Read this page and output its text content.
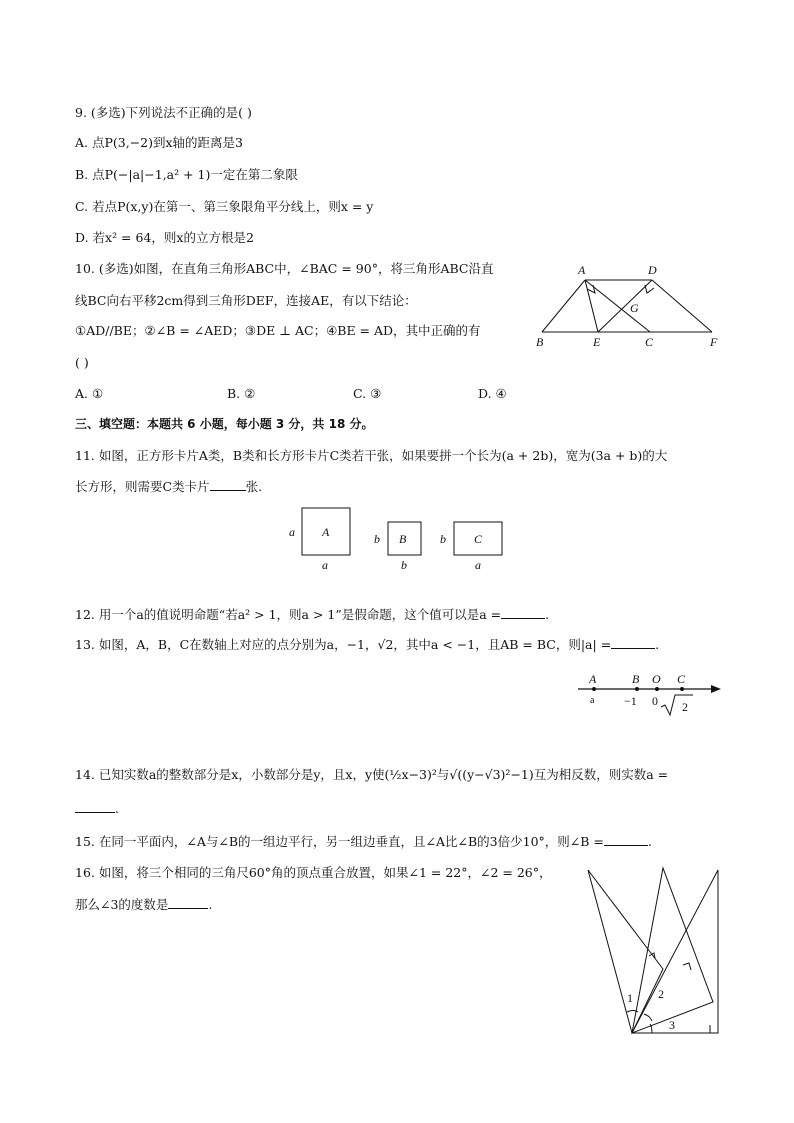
9. (多选)下列说法不正确的是( )
A. 点P(3,−2)到x轴的距离是3
B. 点P(−|a|−1,a² + 1)一定在第二象限
C. 若点P(x,y)在第一、第三象限角平分线上，则x = y
D. 若x² = 64，则x的立方根是2
10. (多选)如图，在直角三角形ABC中，∠BAC = 90°，将三角形ABC沿直
线BC向右平移2cm得到三角形DEF，连接AE，有以下结论：
①AD//BE；②∠B = ∠AED；③DE ⊥ AC；④BE = AD，其中正确的有
( )
A. ①	B. ②	C. ③	D. ④
A	D
G
B	E	C	F
三、填空题：本题共 6 小题，每小题 3 分，共 18 分。
11. 如图，正方形卡片A类，B类和长方形卡片C类若干张，如果要拼一个长为(a + 2b)，宽为(3a + b)的大
长方形，则需要C类卡片	张.
A
a
a
B
b
b
C
b
a
12. 用一个a的值说明命题“若a² > 1，则a > 1”是假命题，这个值可以是a =	.
13. 如图，A，B，C在数轴上对应的点分别为a，−1，√2，其中a < −1，且AB = BC，则|a| =	.
A	B O C
a −1 0 2
14. 已知实数a的整数部分是x，小数部分是y，且x，y使(½x−3)²与√((y−√3)²−1)互为相反数，则实数a =
.
15. 在同一平面内，∠A与∠B的一组边平行，另一组边垂直，且∠A比∠B的3倍少10°，则∠B =	.
16. 如图，将三个相同的三角尺60°角的顶点重合放置，如果∠1 = 22°，∠2 = 26°，
那么∠3的度数是	.
1 2
3
